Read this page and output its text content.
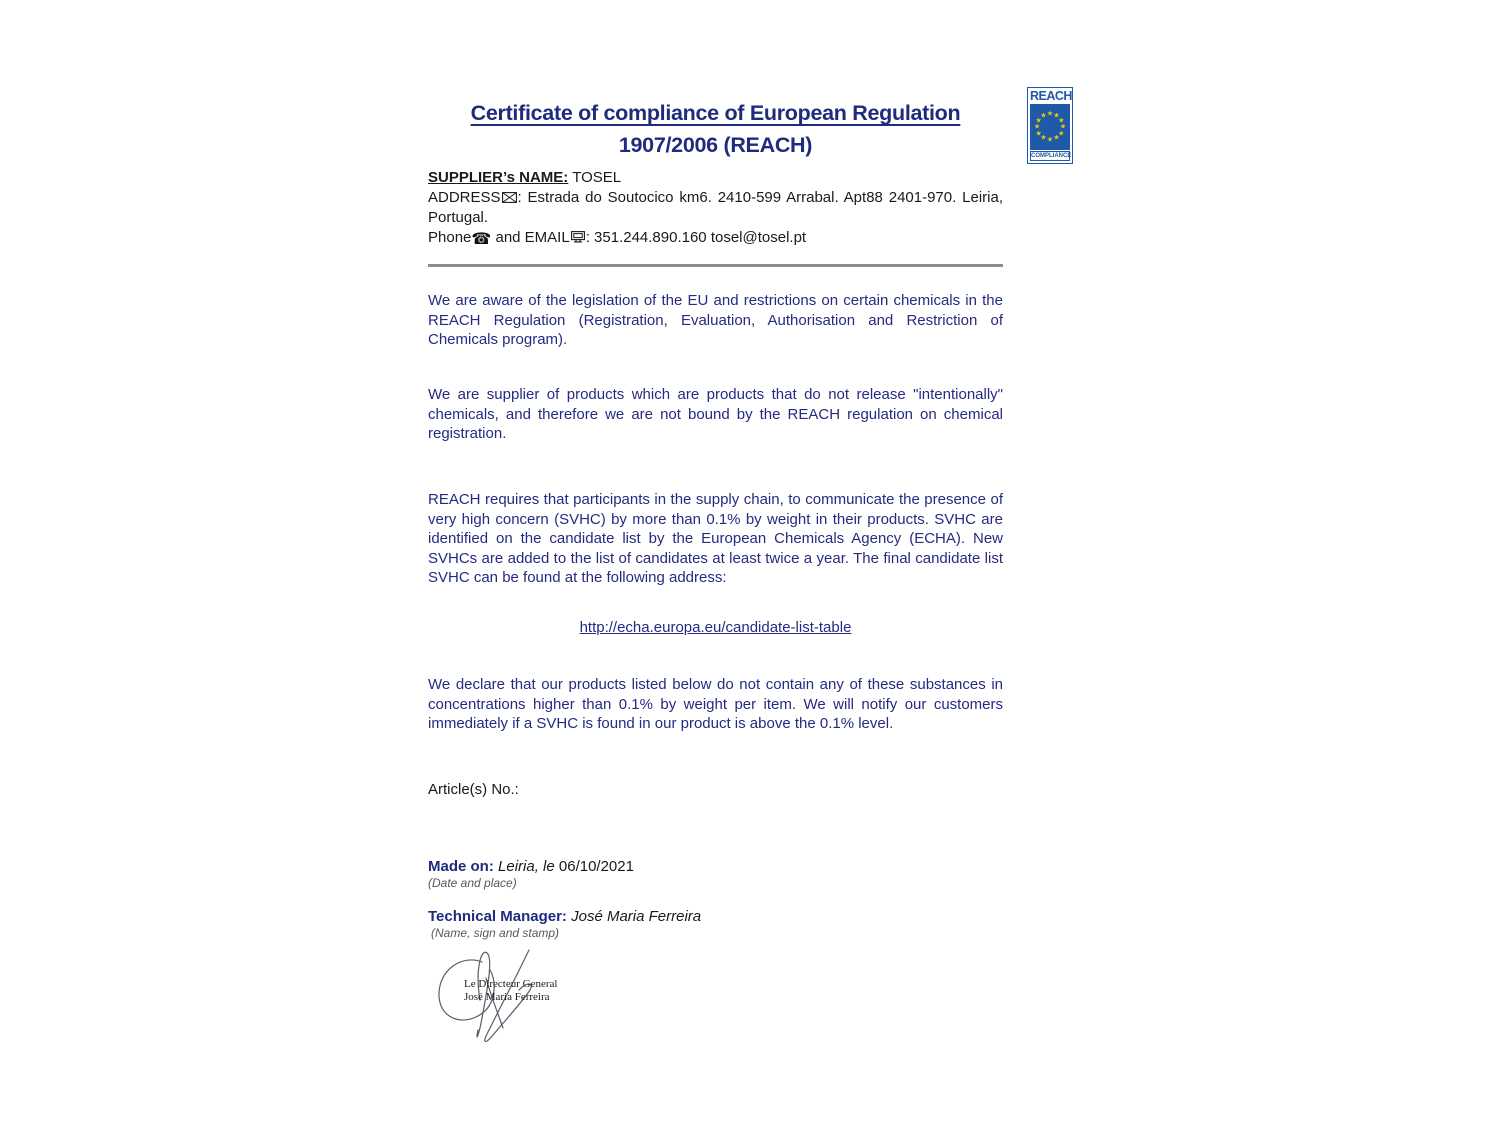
Certificate of compliance of European Regulation
1907/2006 (REACH)

SUPPLIER’s NAME: TOSEL

ADDRESS : Estrada do Soutocico km6. 2410-599 Arrabal. Apt88 2401-970. Leiria, Portugal.

Phone☎ and EMAIL : 351.244.890.160 tosel@tosel.pt

We are aware of the legislation of the EU and restrictions on certain chemicals in the REACH Regulation (Registration, Evaluation, Authorisation and Restriction of Chemicals program).

We are supplier of products which are products that do not release "intentionally" chemicals, and therefore we are not bound by the REACH regulation on chemical registration.

REACH requires that participants in the supply chain, to communicate the presence of very high concern (SVHC) by more than 0.1% by weight in their products. SVHC are identified on the candidate list by the European Chemicals Agency (ECHA). New SVHCs are added to the list of candidates at least twice a year. The final candidate list SVHC can be found at the following address:

http://echa.europa.eu/candidate-list-table

We declare that our products listed below do not contain any of these substances in concentrations higher than 0.1% by weight per item. We will notify our customers immediately if a SVHC is found in our product is above the 0.1% level.

Article(s) No.:

Made on: Leiria, le 06/10/2021

(Date and place)

Technical Manager: José Maria Ferreira

(Name, sign and stamp)

Le Directeur General
José Maria Ferreira
REACH
★ ★
★
★
★
★
★
★
★
★
★
★
COMPLIANCE
